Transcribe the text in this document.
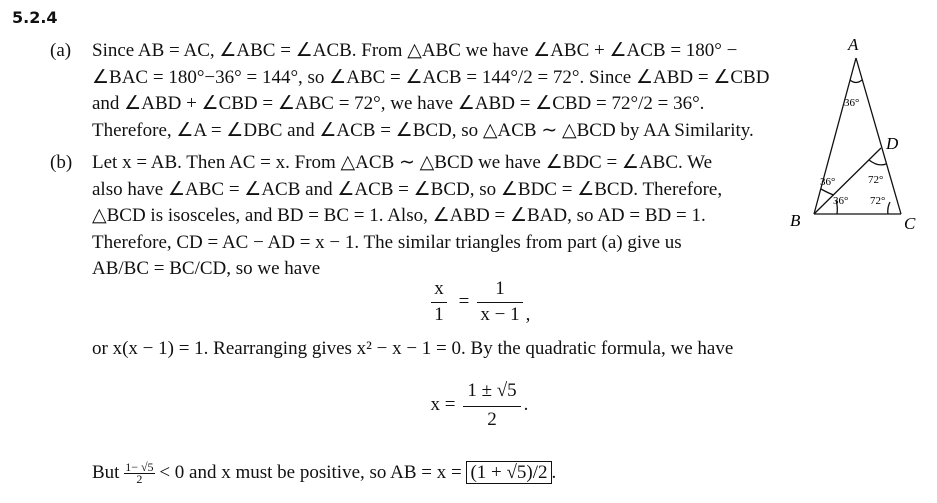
5.2.4
(a)	Since AB = AC, ∠ABC = ∠ACB. From △ABC we have ∠ABC + ∠ACB = 180° −
∠BAC = 180°−36° = 144°, so ∠ABC = ∠ACB = 144°/2 = 72°. Since ∠ABD = ∠CBD
and ∠ABD + ∠CBD = ∠ABC = 72°, we have ∠ABD = ∠CBD = 72°/2 = 36°.
Therefore, ∠A = ∠DBC and ∠ACB = ∠BCD, so △ACB ∼ △BCD by AA Similarity.
(b)	Let x = AB. Then AC = x. From △ACB ∼ △BCD we have ∠BDC = ∠ABC. We
also have ∠ABC = ∠ACB and ∠ACB = ∠BCD, so ∠BDC = ∠BCD. Therefore,
△BCD is isosceles, and BD = BC = 1. Also, ∠ABD = ∠BAD, so AD = BD = 1.
Therefore, CD = AC − AD = x − 1. The similar triangles from part (a) give us
AB/BC = BC/CD, so we have
x
1
=
1
x − 1 ,
or x(x − 1) = 1. Rearranging gives x² − x − 1 = 0. By the quadratic formula, we have
x =
1 ± √5
2
.
But $\frac{1- √5}{2} < 0$ and x must be positive, so AB = x = (1 + √5)/2 .
A
B	C
D
36°
36°
36°
72°
72°
